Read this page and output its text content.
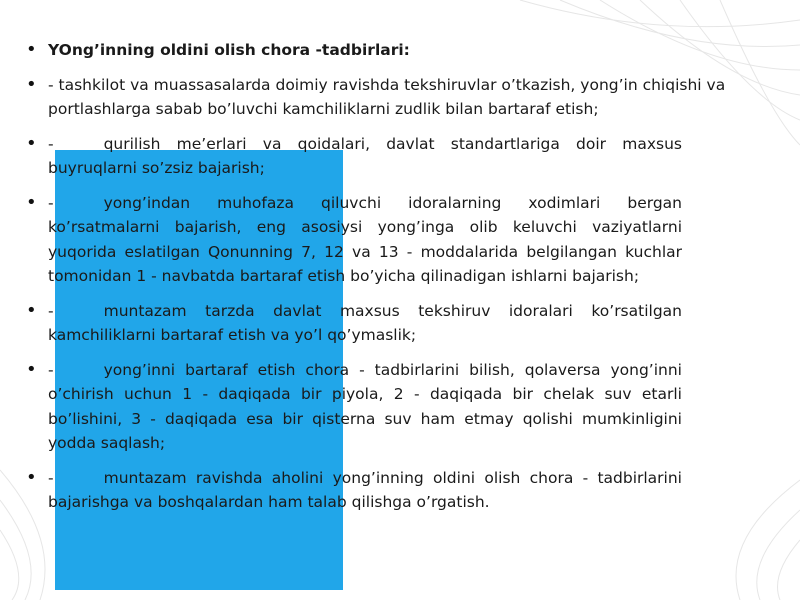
• YOng’inning oldini olish chora -tadbirlari:
• - tashkilot va muassasalarda doimiy ravishda tekshiruvlar o’tkazish, yong’in chiqishi va portlashlarga sabab bo’luvchi kamchiliklarni zudlik bilan bartaraf etish;
• -	qurilish me’erlari va qoidalari, davlat standartlariga doir maxsus buyruqlarni so’zsiz bajarish;
• -	yong’indan muhofaza qiluvchi idoralarning xodimlari bergan ko’rsatmalarni bajarish, eng asosiysi yong’inga olib keluvchi vaziyatlarni yuqorida eslatilgan Qonunning 7, 12 va 13 - moddalarida belgilangan kuchlar tomonidan 1 - navbatda bartaraf etish bo’yicha qilinadigan ishlarni bajarish;
• -	muntazam tarzda davlat maxsus tekshiruv idoralari ko’rsatilgan kamchiliklarni bartaraf etish va yo’l qo’ymaslik;
• -	yong’inni bartaraf etish chora - tadbirlarini bilish, qolaversa yong’inni o’chirish uchun 1 - daqiqada bir piyola, 2 - daqiqada bir chelak suv etarli bo’lishini, 3 - daqiqada esa bir qisterna suv ham etmay qolishi mumkinligini yodda saqlash;
• -	muntazam ravishda aholini yong’inning oldini olish chora - tadbirlarini bajarishga va boshqalardan ham talab qilishga o’rgatish.
